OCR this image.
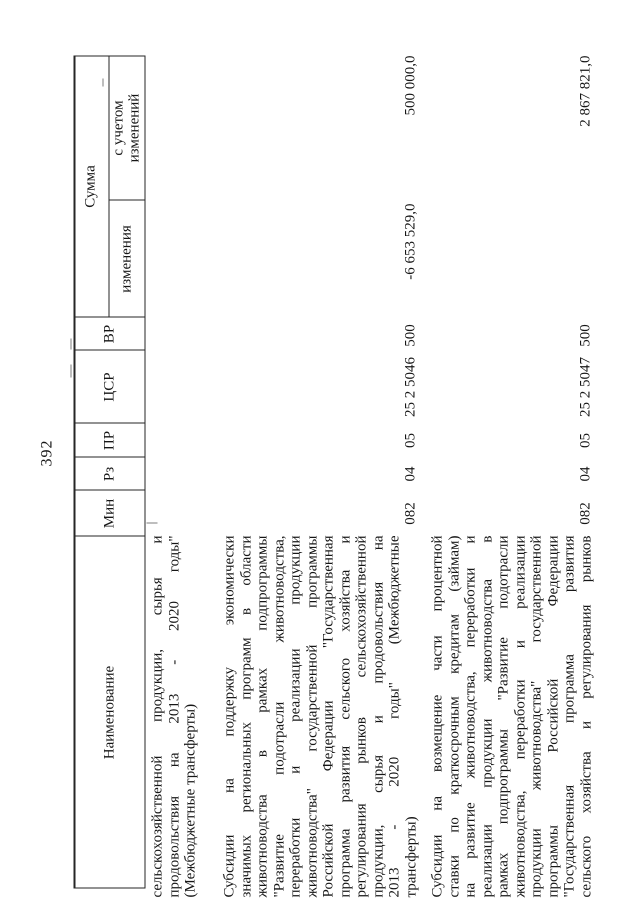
392
Наименование
Мин
Рз
ПР
ЦСР
ВР
Сумма
изменения
с учетом изменений
сельскохозяйственной продукции, сырья и продовольствия на 2013 - 2020 годы" (Межбюджетные трансферты) Субсидии на поддержку экономически значимых региональных программ в области животноводства в рамках подпрограммы "Развитие подотрасли животноводства, переработки и реализации продукции животноводства" государственной программы Российской Федерации "Государственная программа развития сельского хозяйства и регулирования рынков сельскохозяйственной продукции, сырья и продовольствия на 2013 - 2020 годы" (Межбюджетные трансферты)
082
04
05
25 2 5046
500
-6 653 529,0
500 000,0
Субсидии на возмещение части процентной ставки по краткосрочным кредитам (займам) на развитие животноводства, переработки и реализации продукции животноводства в рамках подпрограммы "Развитие подотрасли животноводства, переработки и реализации продукции животноводства" государственной программы Российской Федерации "Государственная программа развития сельского хозяйства и регулирования рынков
082
04
05
25 2 5047
500
2 867 821,0
